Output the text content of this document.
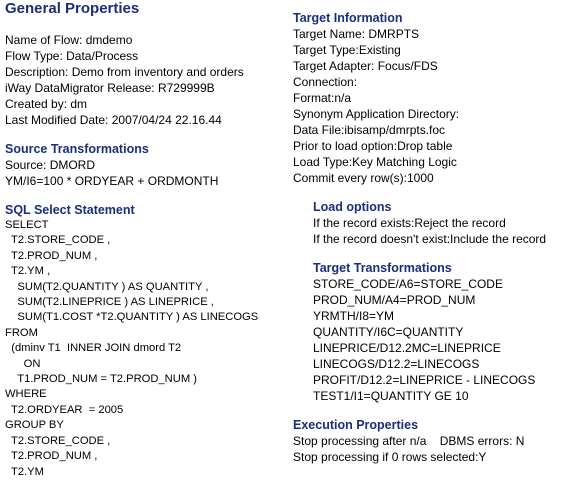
General Properties
Name of Flow: dmdemo
Flow Type: Data/Process
Description: Demo from inventory and orders
iWay DataMigrator Release: R729999B
Created by: dm
Last Modified Date: 2007/04/24 22.16.44
Source Transformations
Source: DMORD
YM/I6=100 * ORDYEAR + ORDMONTH
SQL Select Statement
SELECT
T2.STORE_CODE ,
T2.PROD_NUM ,
T2.YM ,
SUM(T2.QUANTITY ) AS QUANTITY ,
SUM(T2.LINEPRICE ) AS LINEPRICE ,
SUM(T1.COST *T2.QUANTITY ) AS LINECOGS
FROM
(dminv T1  INNER JOIN dmord T2
ON
T1.PROD_NUM = T2.PROD_NUM )
WHERE
T2.ORDYEAR  = 2005
GROUP BY
T2.STORE_CODE ,
T2.PROD_NUM ,
T2.YM
Target Information
Target Name: DMRPTS
Target Type:Existing
Target Adapter: Focus/FDS
Connection:
Format:n/a
Synonym Application Directory:
Data File:ibisamp/dmrpts.foc
Prior to load option:Drop table
Load Type:Key Matching Logic
Commit every row(s):1000
Load options
If the record exists:Reject the record
If the record doesn't exist:Include the record
Target Transformations
STORE_CODE/A6=STORE_CODE
PROD_NUM/A4=PROD_NUM
YRMTH/I8=YM
QUANTITY/I6C=QUANTITY
LINEPRICE/D12.2MC=LINEPRICE
LINECOGS/D12.2=LINECOGS
PROFIT/D12.2=LINEPRICE - LINECOGS
TEST1/I1=QUANTITY GE 10
Execution Properties
Stop processing after n/a    DBMS errors: N
Stop processing if 0 rows selected:Y
